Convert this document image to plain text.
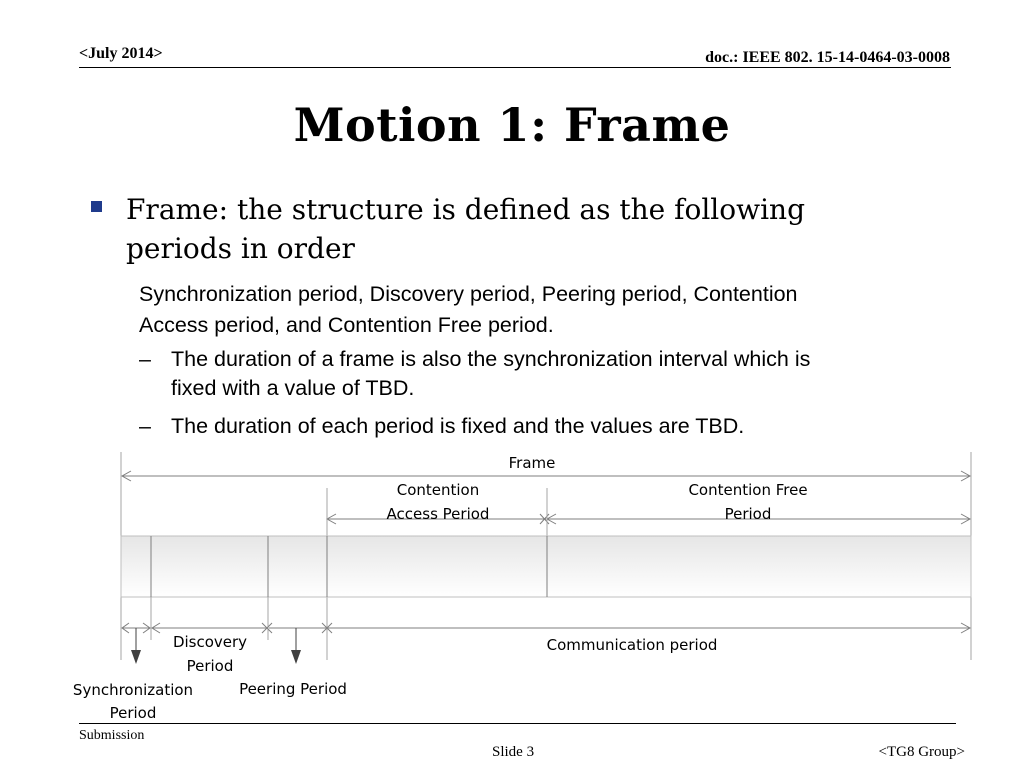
<July 2014>	doc.: IEEE 802. 15-14-0464-03-0008
Motion 1: Frame
Frame: the structure is defined as the following
periods in order
Synchronization period, Discovery period, Peering period, Contention
Access period, and Contention Free period.
– The duration of a frame is also the synchronization interval which is
fixed with a value of TBD.
– The duration of each period is fixed and the values are TBD.
Frame
Contention
Access Period
Contention Free
Period
Discovery
Period
Communication period
Peering Period
Synchronization
Period
Submission
Slide 3	<TG8 Group>
